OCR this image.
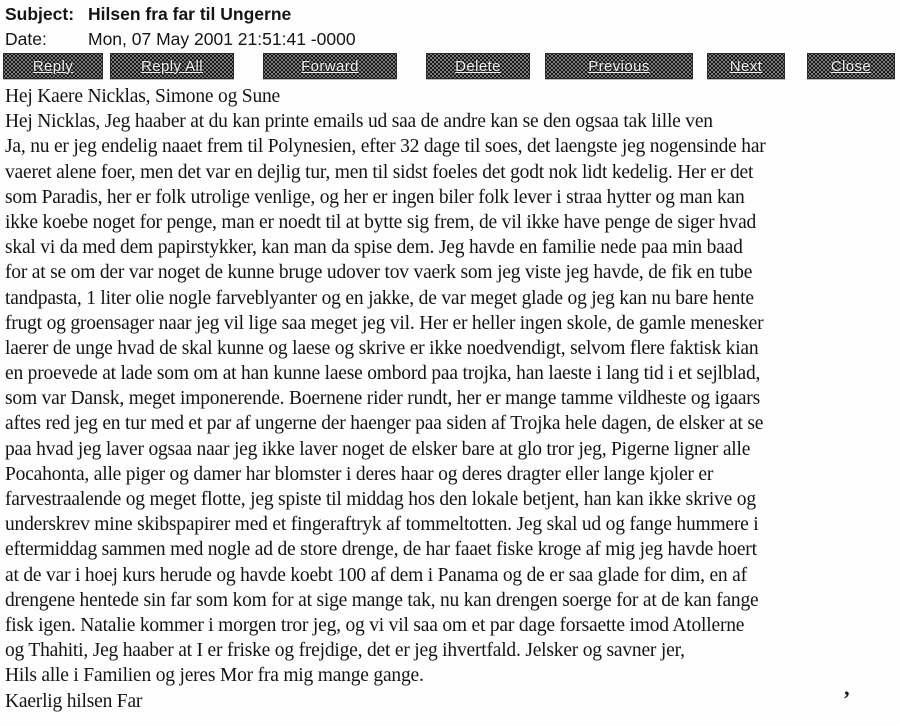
Subject: Hilsen fra far til Ungerne
Date: Mon, 07 May 2001 21:51:41 -0000
Reply	Reply All	Forward	Delete	Previous	Next	Close
Hej Kaere Nicklas, Simone og Sune
Hej Nicklas, Jeg haaber at du kan printe emails ud saa de andre kan se den ogsaa tak lille ven
Ja, nu er jeg endelig naaet frem til Polynesien, efter 32 dage til soes, det laengste jeg nogensinde har
vaeret alene foer, men det var en dejlig tur, men til sidst foeles det godt nok lidt kedelig. Her er det
som Paradis, her er folk utrolige venlige, og her er ingen biler folk lever i straa hytter og man kan
ikke koebe noget for penge, man er noedt til at bytte sig frem, de vil ikke have penge de siger hvad
skal vi da med dem papirstykker, kan man da spise dem. Jeg havde en familie nede paa min baad
for at se om der var noget de kunne bruge udover tov vaerk som jeg viste jeg havde, de fik en tube
tandpasta, 1 liter olie nogle farveblyanter og en jakke, de var meget glade og jeg kan nu bare hente
frugt og groensager naar jeg vil lige saa meget jeg vil. Her er heller ingen skole, de gamle menesker
laerer de unge hvad de skal kunne og laese og skrive er ikke noedvendigt, selvom flere faktisk kian
en proevede at lade som om at han kunne laese ombord paa trojka, han laeste i lang tid i et sejlblad,
som var Dansk, meget imponerende. Boernene rider rundt, her er mange tamme vildheste og igaars
aftes red jeg en tur med et par af ungerne der haenger paa siden af Trojka hele dagen, de elsker at se
paa hvad jeg laver ogsaa naar jeg ikke laver noget de elsker bare at glo tror jeg, Pigerne ligner alle
Pocahonta, alle piger og damer har blomster i deres haar og deres dragter eller lange kjoler er
farvestraalende og meget flotte, jeg spiste til middag hos den lokale betjent, han kan ikke skrive og
underskrev mine skibspapirer med et fingeraftryk af tommeltotten. Jeg skal ud og fange hummere i
eftermiddag sammen med nogle ad de store drenge, de har faaet fiske kroge af mig jeg havde hoert
at de var i hoej kurs herude og havde koebt 100 af dem i Panama og de er saa glade for dim, en af
drengene hentede sin far som kom for at sige mange tak, nu kan drengen soerge for at de kan fange
fisk igen. Natalie kommer i morgen tror jeg, og vi vil saa om et par dage forsaette imod Atollerne
og Thahiti, Jeg haaber at I er friske og frejdige, det er jeg ihvertfald. Jelsker og savner jer,
Hils alle i Familien og jeres Mor fra mig mange gange.
Kaerlig hilsen Far	’
